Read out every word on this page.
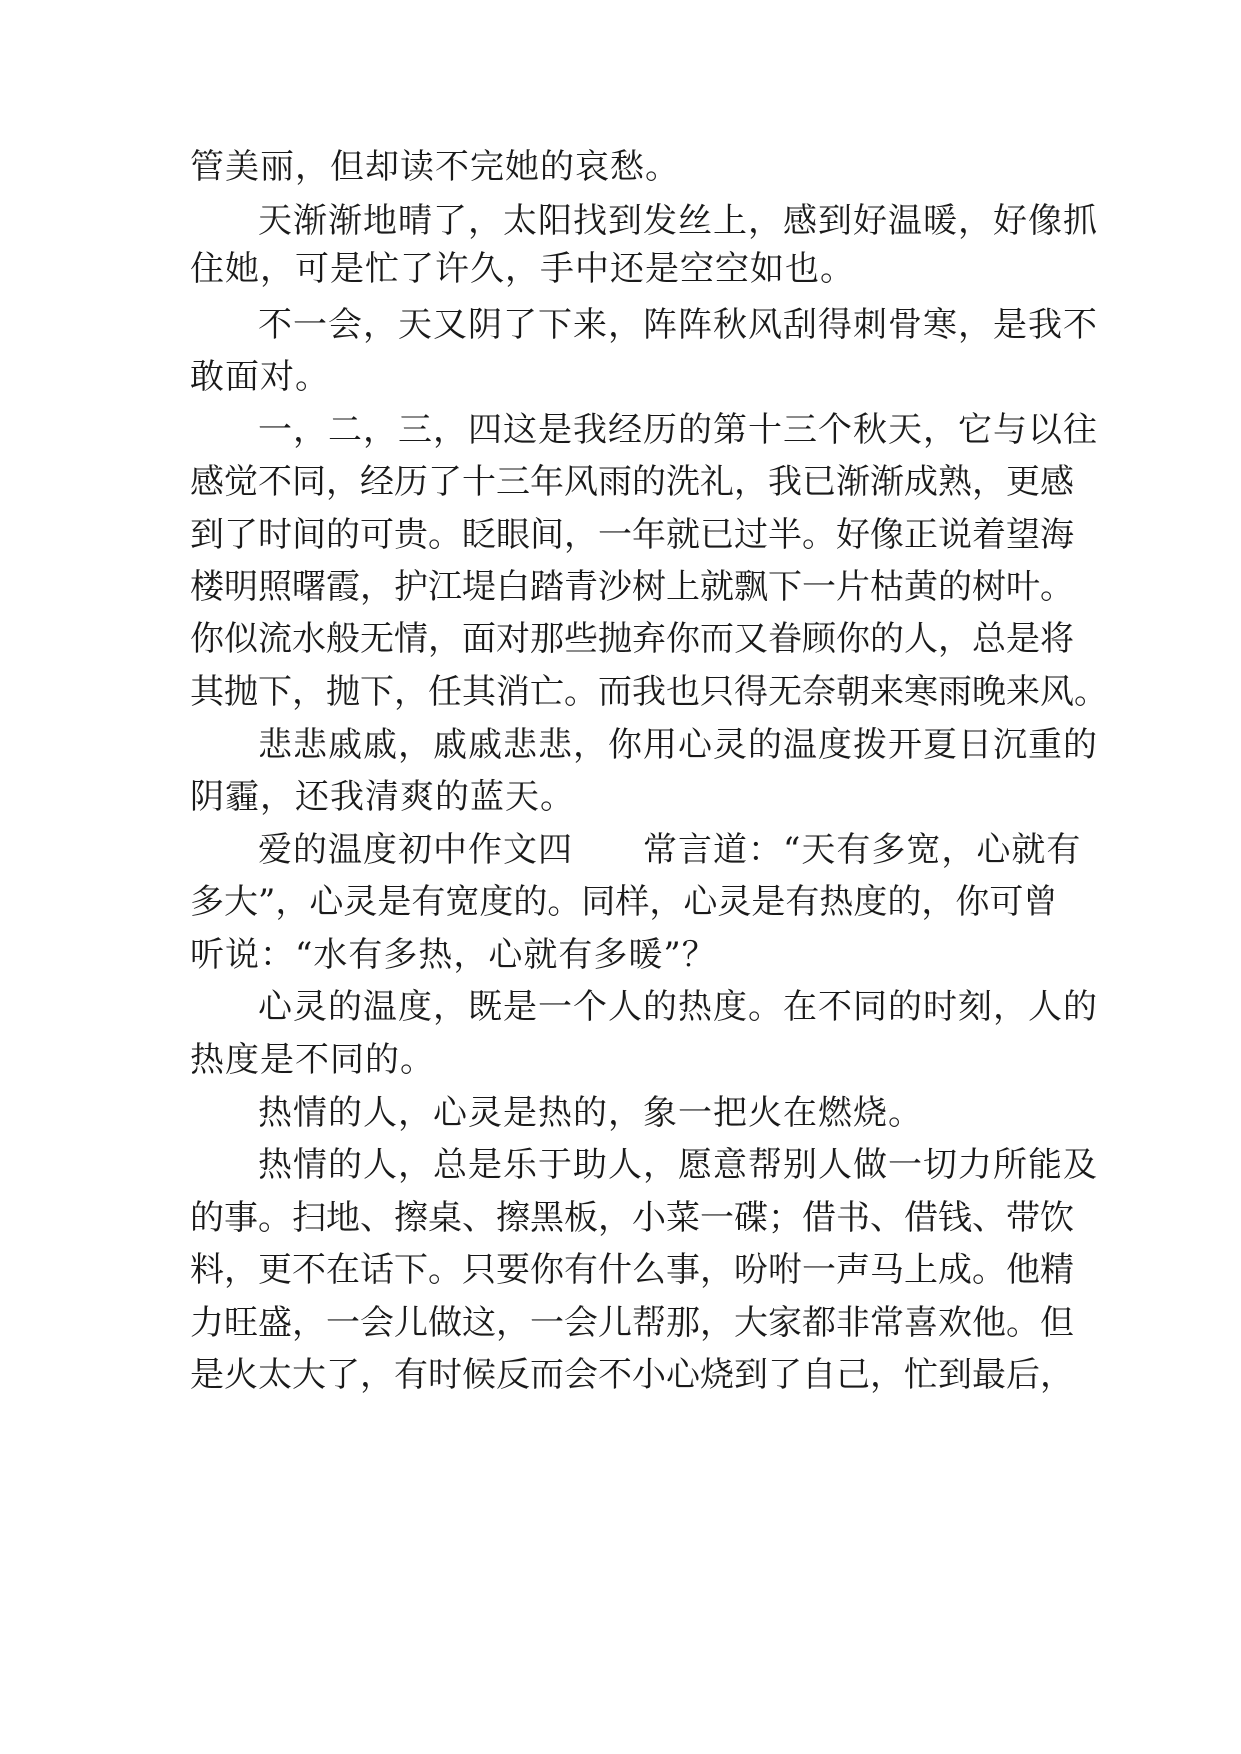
管美丽，但却读不完她的哀愁。
天渐渐地晴了，太阳找到发丝上，感到好温暖，好像抓
住她，可是忙了许久，手中还是空空如也。
不一会，天又阴了下来，阵阵秋风刮得刺骨寒，是我不
敢面对。
一，二，三，四这是我经历的第十三个秋天，它与以往
感觉不同，经历了十三年风雨的洗礼，我已渐渐成熟，更感
到了时间的可贵。眨眼间，一年就已过半。好像正说着望海
楼明照曙霞，护江堤白踏青沙树上就飘下一片枯黄的树叶。
你似流水般无情，面对那些抛弃你而又眷顾你的人，总是将
其抛下，抛下，任其消亡。而我也只得无奈朝来寒雨晚来风。
悲悲戚戚，戚戚悲悲，你用心灵的温度拨开夏日沉重的
阴霾，还我清爽的蓝天。
爱的温度初中作文四　　常言道：“天有多宽，心就有
多大”，心灵是有宽度的。同样，心灵是有热度的，你可曾
听说：“水有多热，心就有多暖”？
心灵的温度，既是一个人的热度。在不同的时刻，人的
热度是不同的。
热情的人，心灵是热的，象一把火在燃烧。
热情的人，总是乐于助人，愿意帮别人做一切力所能及
的事。扫地、擦桌、擦黑板，小菜一碟；借书、借钱、带饮
料，更不在话下。只要你有什么事，吩咐一声马上成。他精
力旺盛，一会儿做这，一会儿帮那，大家都非常喜欢他。但
是火太大了，有时候反而会不小心烧到了自己，忙到最后，
